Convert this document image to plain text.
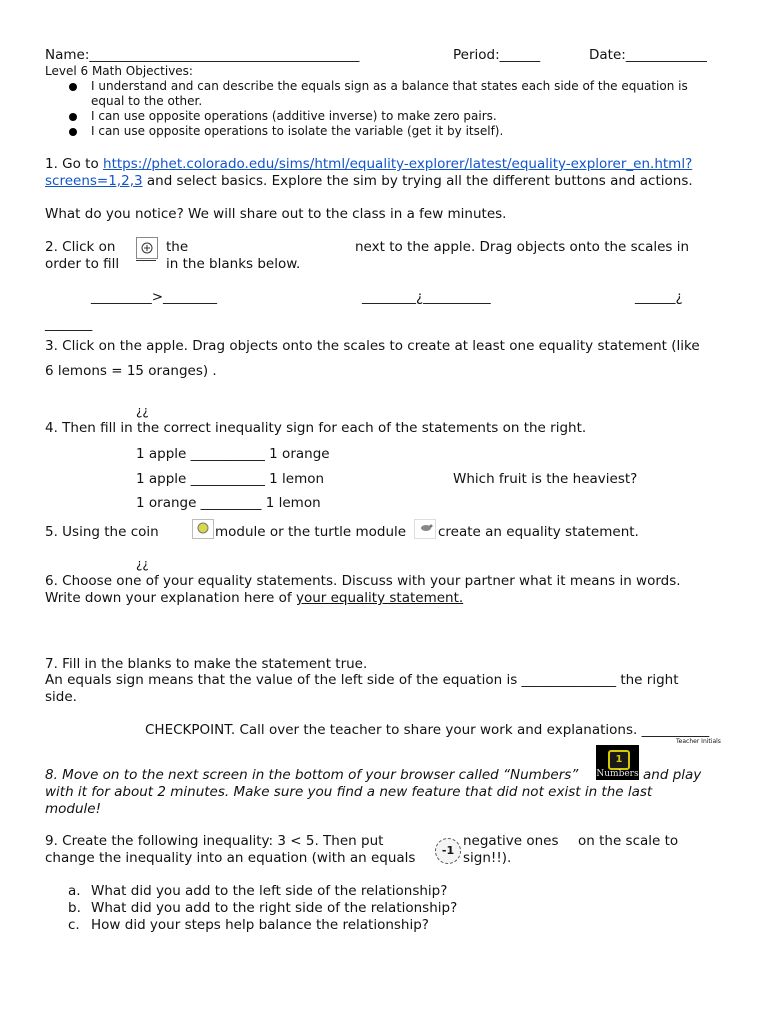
Name:________________________________________	Period:______	Date:____________
Level 6 Math Objectives:
I understand and can describe the equals sign as a balance that states each side of the equation is
equal to the other.
I can use opposite operations (additive inverse) to make zero pairs.
I can use opposite operations to isolate the variable (get it by itself).
1. Go to https://phet.colorado.edu/sims/html/equality-explorer/latest/equality-explorer_en.html?
screens=1,2,3 and select basics. Explore the sim by trying all the different buttons and actions.
What do you notice? We will share out to the class in a few minutes.
2. Click on	the	next to the apple. Drag objects onto the scales in
order to fill	in the blanks below.
_________>________	________¿__________	______¿
_______
3. Click on the apple. Drag objects onto the scales to create at least one equality statement (like
6 lemons = 15 oranges) .
¿¿
4. Then fill in the correct inequality sign for each of the statements on the right.
1 apple ___________ 1 orange
1 apple ___________ 1 lemon	Which fruit is the heaviest?
1 orange _________ 1 lemon
5. Using the coin	module or the turtle module create an equality statement.
¿¿
6. Choose one of your equality statements. Discuss with your partner what it means in words.
Write down your explanation here of your equality statement.
7. Fill in the blanks to make the statement true.
An equals sign means that the value of the left side of the equation is ______________ the right
side.
CHECKPOINT. Call over the teacher to share your work and explanations. __________
Teacher Initials
8. Move on to the next screen in the bottom of your browser called “Numbers”
1
Numbers and play
with it for about 2 minutes. Make sure you find a new feature that did not exist in the last
module!
9. Create the following inequality: 3 < 5. Then put
-1
negative ones on the scale to
change the inequality into an equation (with an equals	sign!!).
a. What did you add to the left side of the relationship?
b. What did you add to the right side of the relationship?
c. How did your steps help balance the relationship?
